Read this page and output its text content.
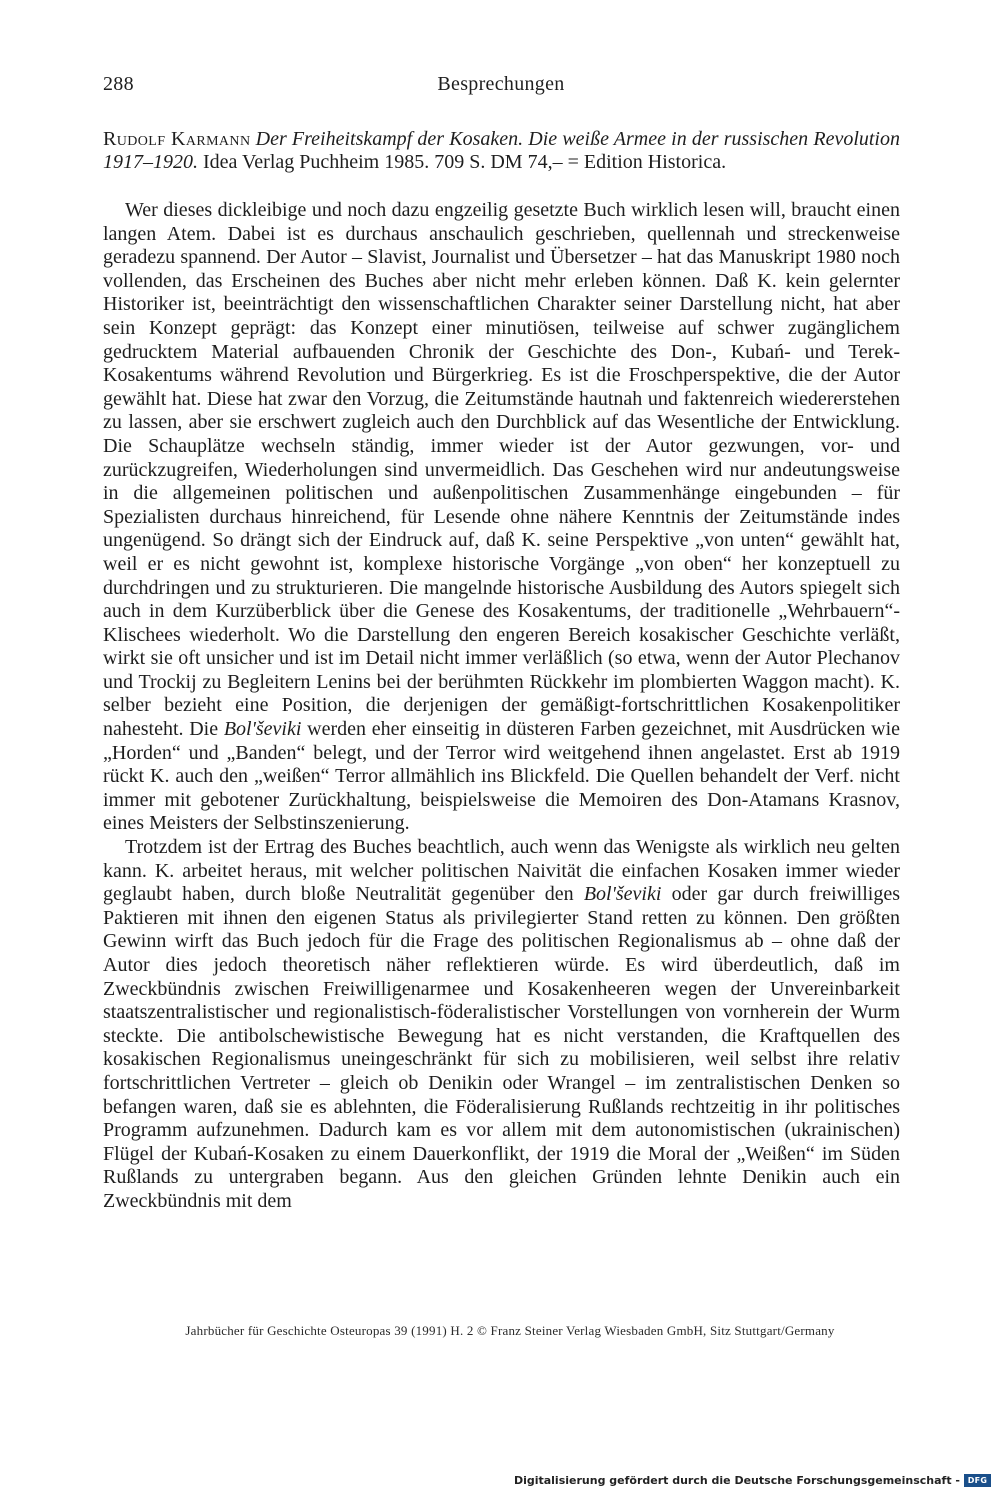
288	Besprechungen
Rudolf Karmann Der Freiheitskampf der Kosaken. Die weiße Armee in der russischen Revolution 1917–1920. Idea Verlag Puchheim 1985. 709 S. DM 74,– = Edition Historica.

Wer dieses dickleibige und noch dazu engzeilig gesetzte Buch wirklich lesen will, braucht einen langen Atem. Dabei ist es durchaus anschaulich geschrieben, quellennah und streckenweise geradezu spannend. Der Autor – Slavist, Journalist und Übersetzer – hat das Manuskript 1980 noch vollenden, das Erscheinen des Buches aber nicht mehr erleben können. Daß K. kein gelernter Historiker ist, beeinträchtigt den wissenschaftlichen Charakter seiner Darstellung nicht, hat aber sein Konzept geprägt: das Konzept einer minutiösen, teilweise auf schwer zugänglichem gedrucktem Material aufbauenden Chronik der Geschichte des Don-, Kubań- und Terek-Kosakentums während Revolution und Bürgerkrieg. Es ist die Froschperspektive, die der Autor gewählt hat. Diese hat zwar den Vorzug, die Zeitumstände hautnah und faktenreich wiedererstehen zu lassen, aber sie erschwert zugleich auch den Durchblick auf das Wesentliche der Entwicklung. Die Schauplätze wechseln ständig, immer wieder ist der Autor gezwungen, vor- und zurückzugreifen, Wiederholungen sind unvermeidlich. Das Geschehen wird nur andeutungsweise in die allgemeinen politischen und außenpolitischen Zusammenhänge eingebunden – für Spezialisten durchaus hinreichend, für Lesende ohne nähere Kenntnis der Zeitumstände indes ungenügend. So drängt sich der Eindruck auf, daß K. seine Perspektive „von unten“ gewählt hat, weil er es nicht gewohnt ist, komplexe historische Vorgänge „von oben“ her konzeptuell zu durchdringen und zu strukturieren. Die mangelnde historische Ausbildung des Autors spiegelt sich auch in dem Kurzüberblick über die Genese des Kosakentums, der traditionelle „Wehrbauern“-Klischees wiederholt. Wo die Darstellung den engeren Bereich kosakischer Geschichte verläßt, wirkt sie oft unsicher und ist im Detail nicht immer verläßlich (so etwa, wenn der Autor Plechanov und Trockij zu Begleitern Lenins bei der berühmten Rückkehr im plombierten Waggon macht). K. selber bezieht eine Position, die derjenigen der gemäßigt-fortschrittlichen Kosakenpolitiker nahesteht. Die Bol'ševiki werden eher einseitig in düsteren Farben gezeichnet, mit Ausdrücken wie „Horden“ und „Banden“ belegt, und der Terror wird weitgehend ihnen angelastet. Erst ab 1919 rückt K. auch den „weißen“ Terror allmählich ins Blickfeld. Die Quellen behandelt der Verf. nicht immer mit gebotener Zurückhaltung, beispielsweise die Memoiren des Don-Atamans Krasnov, eines Meisters der Selbstinszenierung.

Trotzdem ist der Ertrag des Buches beachtlich, auch wenn das Wenigste als wirklich neu gelten kann. K. arbeitet heraus, mit welcher politischen Naivität die einfachen Kosaken immer wieder geglaubt haben, durch bloße Neutralität gegenüber den Bol'ševiki oder gar durch freiwilliges Paktieren mit ihnen den eigenen Status als privilegierter Stand retten zu können. Den größten Gewinn wirft das Buch jedoch für die Frage des politischen Regionalismus ab – ohne daß der Autor dies jedoch theoretisch näher reflektieren würde. Es wird überdeutlich, daß im Zweckbündnis zwischen Freiwilligenarmee und Kosakenheeren wegen der Unvereinbarkeit staatszentralistischer und regionalistisch-föderalistischer Vorstellungen von vornherein der Wurm steckte. Die antibolschewistische Bewegung hat es nicht verstanden, die Kraftquellen des kosakischen Regionalismus uneingeschränkt für sich zu mobilisieren, weil selbst ihre relativ fortschrittlichen Vertreter – gleich ob Denikin oder Wrangel – im zentralistischen Denken so befangen waren, daß sie es ablehnten, die Föderalisierung Rußlands rechtzeitig in ihr politisches Programm aufzunehmen. Dadurch kam es vor allem mit dem autonomistischen (ukrainischen) Flügel der Kubań-Kosaken zu einem Dauerkonflikt, der 1919 die Moral der „Weißen“ im Süden Rußlands zu untergraben begann. Aus den gleichen Gründen lehnte Denikin auch ein Zweckbündnis mit dem

Jahrbücher für Geschichte Osteuropas 39 (1991) H. 2 © Franz Steiner Verlag Wiesbaden GmbH, Sitz Stuttgart/Germany
Digitalisierung gefördert durch die Deutsche Forschungsgemeinschaft - DFG
